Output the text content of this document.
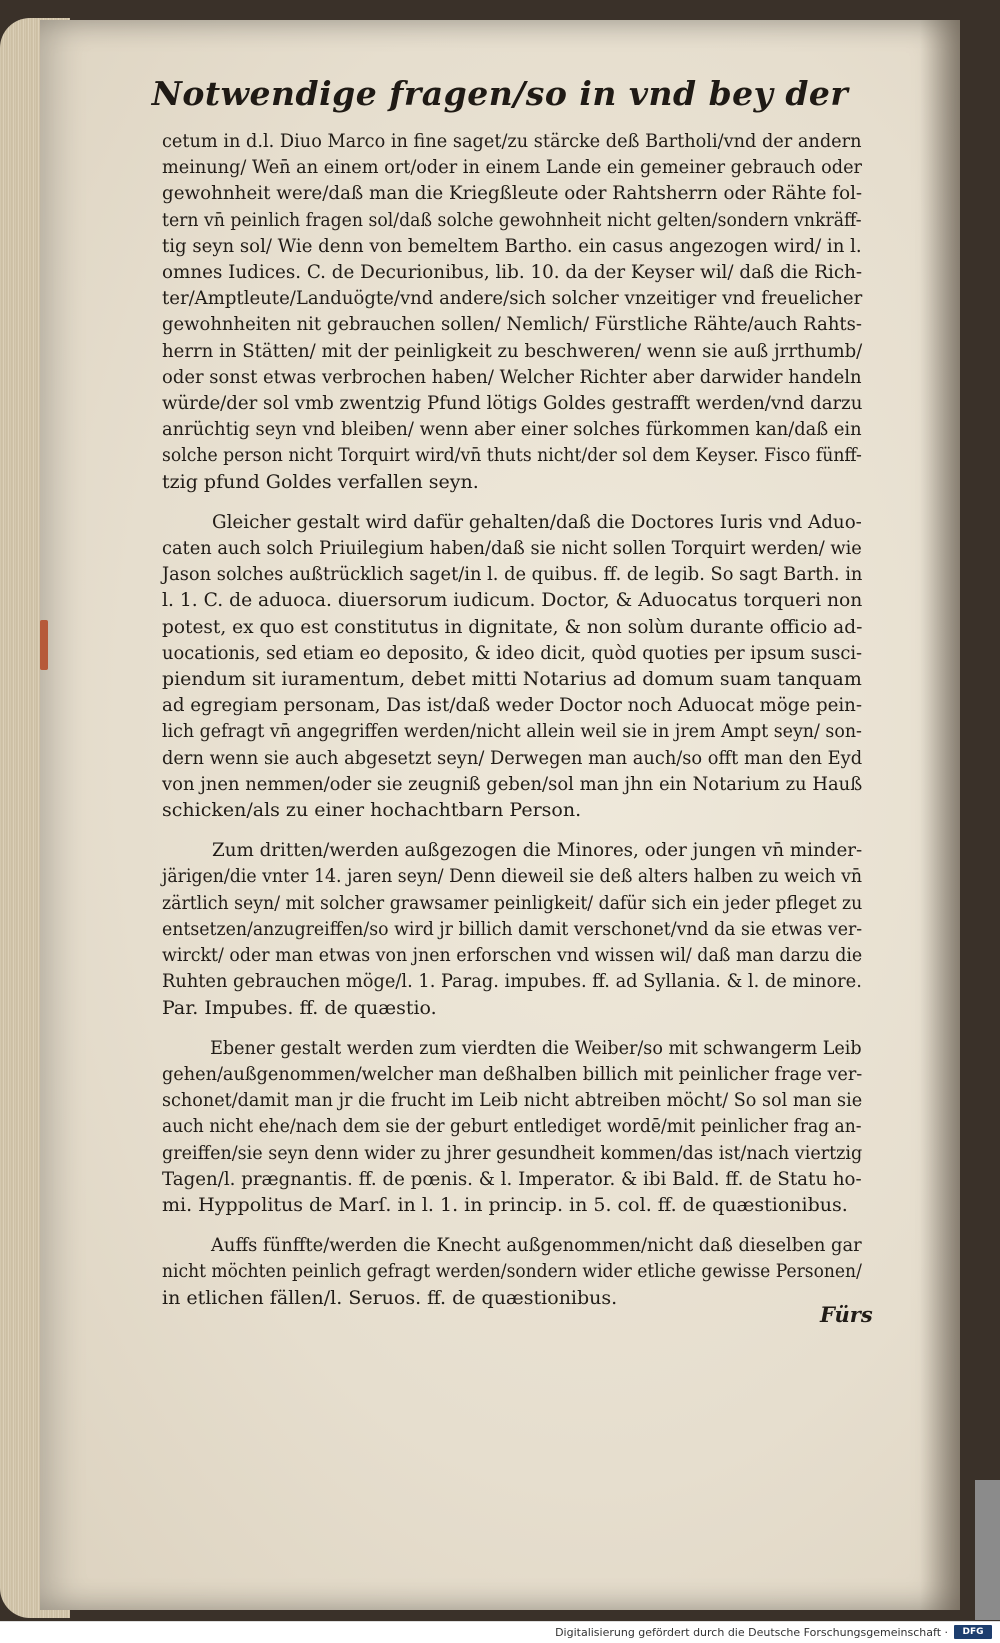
Notwendige fragen/so in vnd bey der
cetum in d.l. Diuo Marco in fine saget/zu stärcke deß Bartholi/vnd der andern
meinung/ Wen̄ an einem ort/oder in einem Lande ein gemeiner gebrauch oder
gewohnheit were/daß man die Kriegßleute oder Rahtsherrn oder Rähte fol-
tern vn̄ peinlich fragen sol/daß solche gewohnheit nicht gelten/sondern vnkräff-
tig seyn sol/ Wie denn von bemeltem Bartho. ein casus angezogen wird/ in l.
omnes Iudices. C. de Decurionibus, lib. 10. da der Keyser wil/ daß die Rich-
ter/Amptleute/Landuögte/vnd andere/sich solcher vnzeitiger vnd freuelicher
gewohnheiten nit gebrauchen sollen/ Nemlich/ Fürstliche Rähte/auch Rahts-
herrn in Stätten/ mit der peinligkeit zu beschweren/ wenn sie auß jrrthumb/
oder sonst etwas verbrochen haben/ Welcher Richter aber darwider handeln
würde/der sol vmb zwentzig Pfund lötigs Goldes gestrafft werden/vnd darzu
anrüchtig seyn vnd bleiben/ wenn aber einer solches fürkommen kan/daß ein
solche person nicht Torquirt wird/vn̄ thuts nicht/der sol dem Keyser. Fisco fünff-
tzig pfund Goldes verfallen seyn.
Gleicher gestalt wird dafür gehalten/daß die Doctores Iuris vnd Aduo-
caten auch solch Priuilegium haben/daß sie nicht sollen Torquirt werden/ wie
Jason solches außtrücklich saget/in l. de quibus. ff. de legib. So sagt Barth. in
l. 1. C. de aduoca. diuersorum iudicum. Doctor, & Aduocatus torqueri non
potest, ex quo est constitutus in dignitate, & non solùm durante officio ad-
uocationis, sed etiam eo deposito, & ideo dicit, quòd quoties per ipsum susci-
piendum sit iuramentum, debet mitti Notarius ad domum suam tanquam
ad egregiam personam, Das ist/daß weder Doctor noch Aduocat möge pein-
lich gefragt vn̄ angegriffen werden/nicht allein weil sie in jrem Ampt seyn/ son-
dern wenn sie auch abgesetzt seyn/ Derwegen man auch/so offt man den Eyd
von jnen nemmen/oder sie zeugniß geben/sol man jhn ein Notarium zu Hauß
schicken/als zu einer hochachtbarn Person.
Zum dritten/werden außgezogen die Minores, oder jungen vn̄ minder-
järigen/die vnter 14. jaren seyn/ Denn dieweil sie deß alters halben zu weich vn̄
zärtlich seyn/ mit solcher grawsamer peinligkeit/ dafür sich ein jeder pfleget zu
entsetzen/anzugreiffen/so wird jr billich damit verschonet/vnd da sie etwas ver-
wirckt/ oder man etwas von jnen erforschen vnd wissen wil/ daß man darzu die
Ruhten gebrauchen möge/l. 1. Parag. impubes. ff. ad Syllania. & l. de minore.
Par. Impubes. ff. de quæstio.
Ebener gestalt werden zum vierdten die Weiber/so mit schwangerm Leib
gehen/außgenommen/welcher man deßhalben billich mit peinlicher frage ver-
schonet/damit man jr die frucht im Leib nicht abtreiben möcht/ So sol man sie
auch nicht ehe/nach dem sie der geburt entlediget wordē/mit peinlicher frag an-
greiffen/sie seyn denn wider zu jhrer gesundheit kommen/das ist/nach viertzig
Tagen/l. prægnantis. ff. de pœnis. & l. Imperator. & ibi Bald. ff. de Statu ho-
mi. Hyppolitus de Marſ. in l. 1. in princip. in 5. col. ff. de quæstionibus.
Auffs fünffte/werden die Knecht außgenommen/nicht daß dieselben gar
nicht möchten peinlich gefragt werden/sondern wider etliche gewisse Personen/
in etlichen fällen/l. Seruos. ff. de quæstionibus.
Fürs
Digitalisierung gefördert durch die Deutsche Forschungsgemeinschaft ·	DFG
